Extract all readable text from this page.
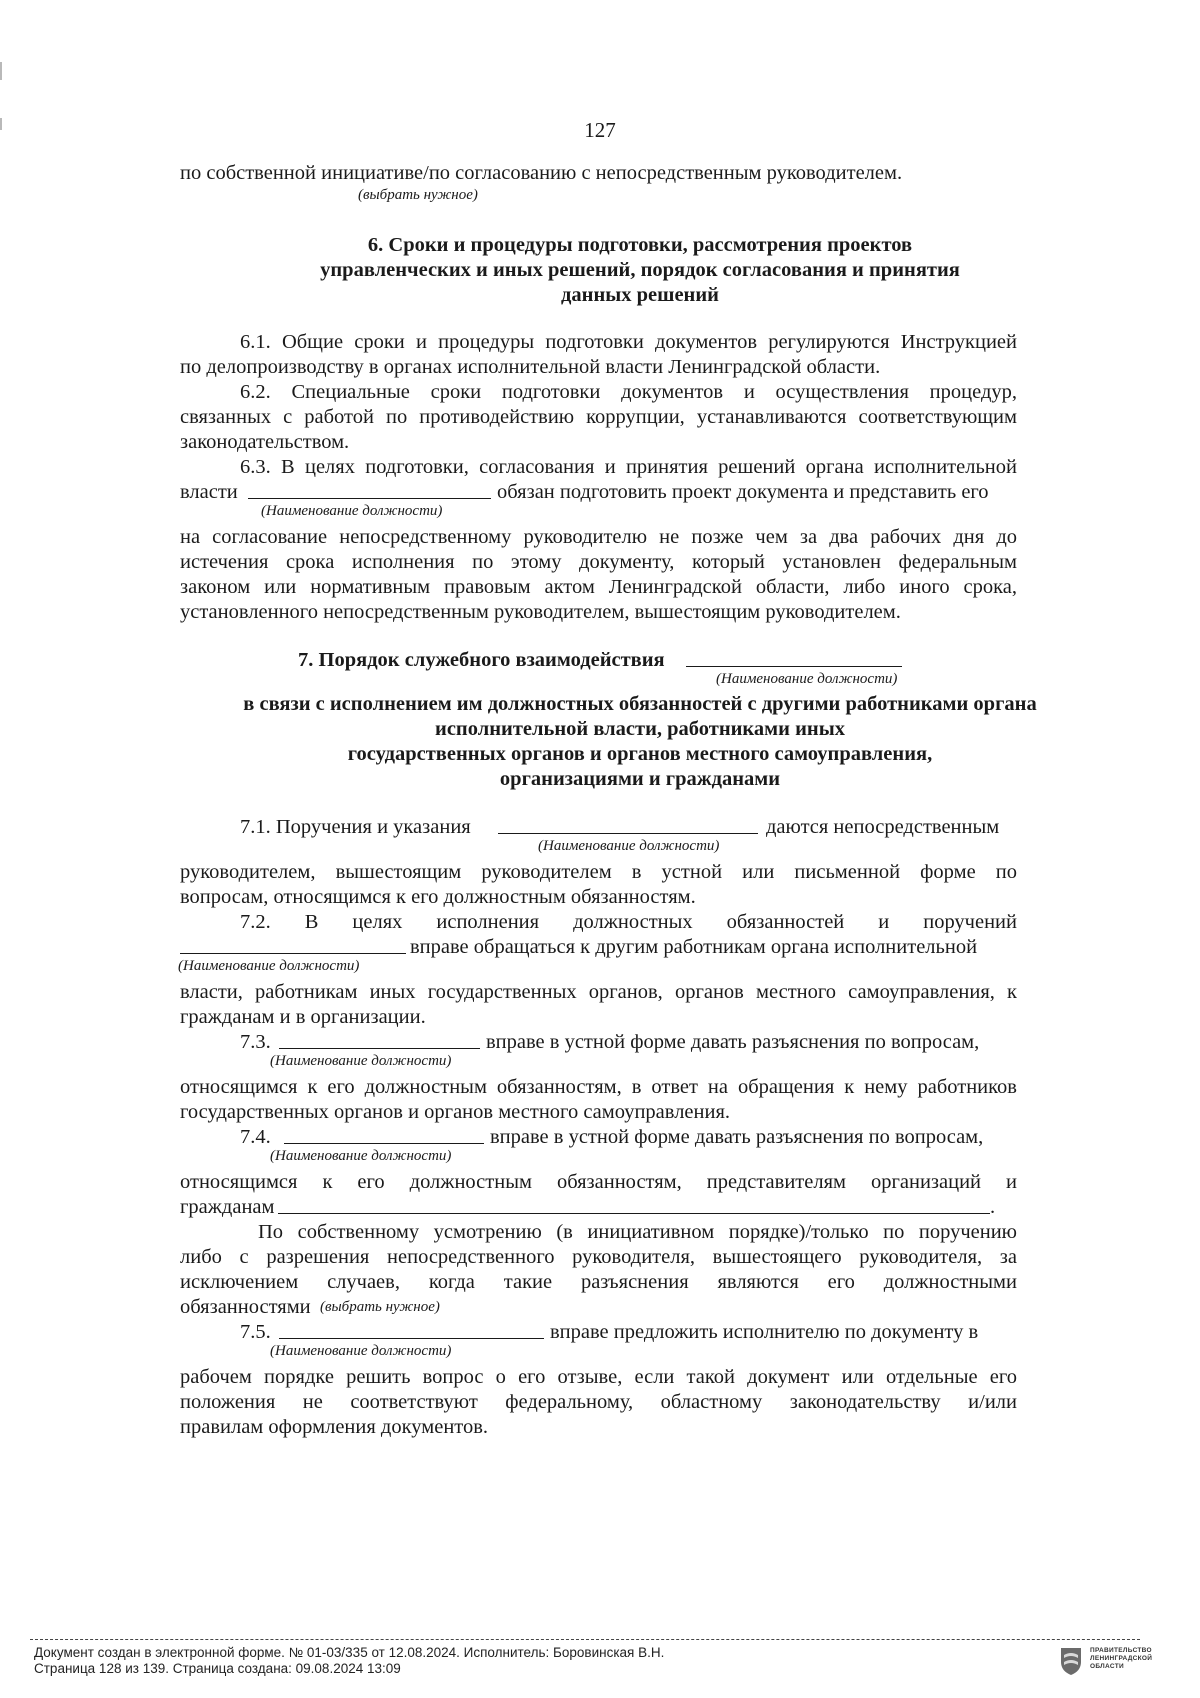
127
по собственной инициативе/по согласованию с непосредственным руководителем.
(выбрать нужное)
6. Сроки и процедуры подготовки, рассмотрения проектов
управленческих и иных решений, порядок согласования и принятия
данных решений
6.1. Общие сроки и процедуры подготовки документов регулируются Инструкцией
по делопроизводству в органах исполнительной власти Ленинградской области.
6.2. Специальные сроки подготовки документов и осуществления процедур,
связанных с работой по противодействию коррупции, устанавливаются соответствующим
законодательством.
6.3. В целях подготовки, согласования и принятия решений органа исполнительной
власти	обязан подготовить проект документа и представить его
(Наименование должности)
на согласование непосредственному руководителю не позже чем за два рабочих дня до
истечения срока исполнения по этому документу, который установлен федеральным
законом или нормативным правовым актом Ленинградской области, либо иного срока,
установленного непосредственным руководителем, вышестоящим руководителем.
7. Порядок служебного взаимодействия
(Наименование должности)
в связи с исполнением им должностных обязанностей с другими работниками органа
исполнительной власти, работниками иных
государственных органов и органов местного самоуправления,
организациями и гражданами
7.1. Поручения и указания	даются непосредственным
(Наименование должности)
руководителем, вышестоящим руководителем в устной или письменной форме по
вопросам, относящимся к его должностным обязанностям.
7.2. В целях исполнения должностных обязанностей и поручений
вправе обращаться к другим работникам органа исполнительной
(Наименование должности)
власти, работникам иных государственных органов, органов местного самоуправления, к
гражданам и в организации.
7.3.	вправе в устной форме давать разъяснения по вопросам,
(Наименование должности)
относящимся к его должностным обязанностям, в ответ на обращения к нему работников
государственных органов и органов местного самоуправления.
7.4.	вправе в устной форме давать разъяснения по вопросам,
(Наименование должности)
относящимся к его должностным обязанностям, представителям организаций и
гражданам	.
По собственному усмотрению (в инициативном порядке)/только по поручению
либо с разрешения непосредственного руководителя, вышестоящего руководителя, за
исключением случаев, когда такие разъяснения являются его должностными
обязанностями (выбрать нужное)
7.5.	вправе предложить исполнителю по документу в
(Наименование должности)
рабочем порядке решить вопрос о его отзыве, если такой документ или отдельные его
положения не соответствуют федеральному, областному законодательству и/или
правилам оформления документов.
Документ создан в электронной форме. № 01-03/335 от 12.08.2024. Исполнитель: Боровинская В.Н.
Страница 128 из 139. Страница создана: 09.08.2024 13:09
ПРАВИТЕЛЬСТВО
ЛЕНИНГРАДСКОЙ
ОБЛАСТИ
